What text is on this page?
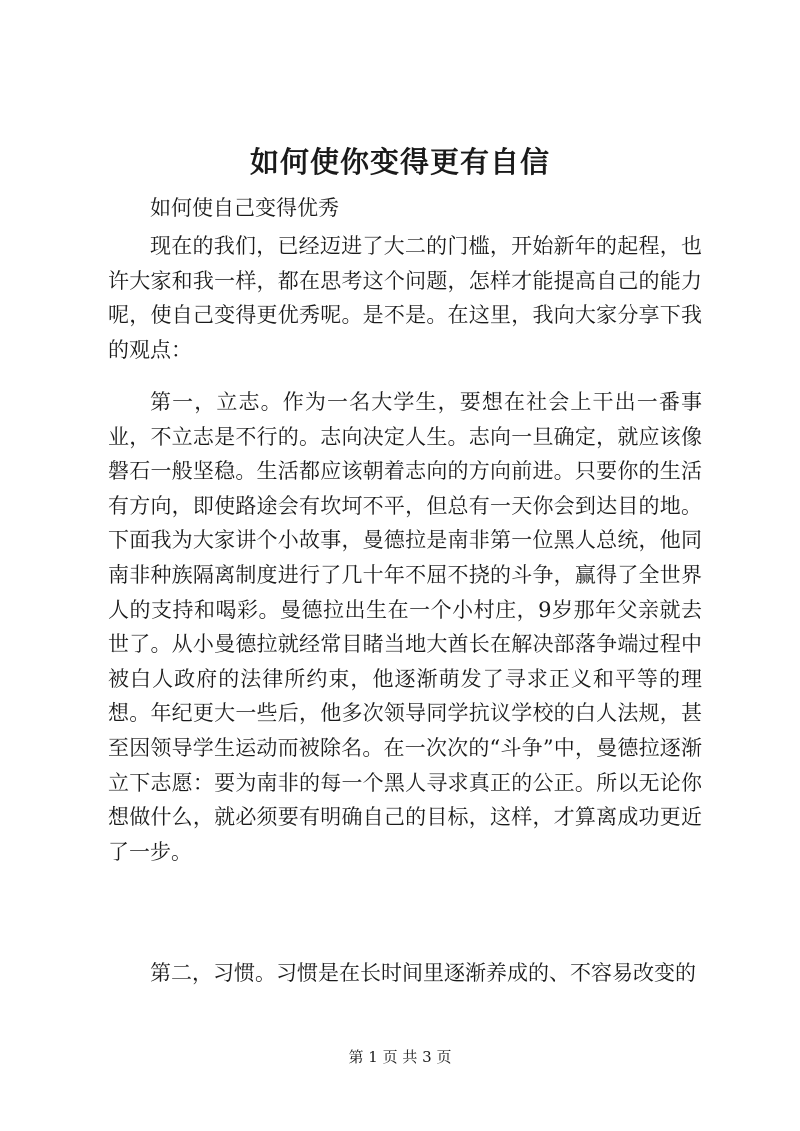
如何使你变得更有自信

如何使自己变得优秀

现在的我们，已经迈进了大二的门槛，开始新年的起程，也许大家和我一样，都在思考这个问题，怎样才能提高自己的能力呢，使自己变得更优秀呢。是不是。在这里，我向大家分享下我的观点：

第一，立志。作为一名大学生，要想在社会上干出一番事业，不立志是不行的。志向决定人生。志向一旦确定，就应该像磐石一般坚稳。生活都应该朝着志向的方向前进。只要你的生活有方向，即使路途会有坎坷不平，但总有一天你会到达目的地。下面我为大家讲个小故事，曼德拉是南非第一位黑人总统，他同南非种族隔离制度进行了几十年不屈不挠的斗争，赢得了全世界人的支持和喝彩。曼德拉出生在一个小村庄，9岁那年父亲就去世了。从小曼德拉就经常目睹当地大酋长在解决部落争端过程中被白人政府的法律所约束，他逐渐萌发了寻求正义和平等的理想。年纪更大一些后，他多次领导同学抗议学校的白人法规，甚至因领导学生运动而被除名。在一次次的“斗争”中，曼德拉逐渐立下志愿：要为南非的每一个黑人寻求真正的公正。所以无论你想做什么，就必须要有明确自己的目标，这样，才算离成功更近了一步。

第二，习惯。习惯是在长时间里逐渐养成的、不容易改变的

第 1 页 共 3 页
